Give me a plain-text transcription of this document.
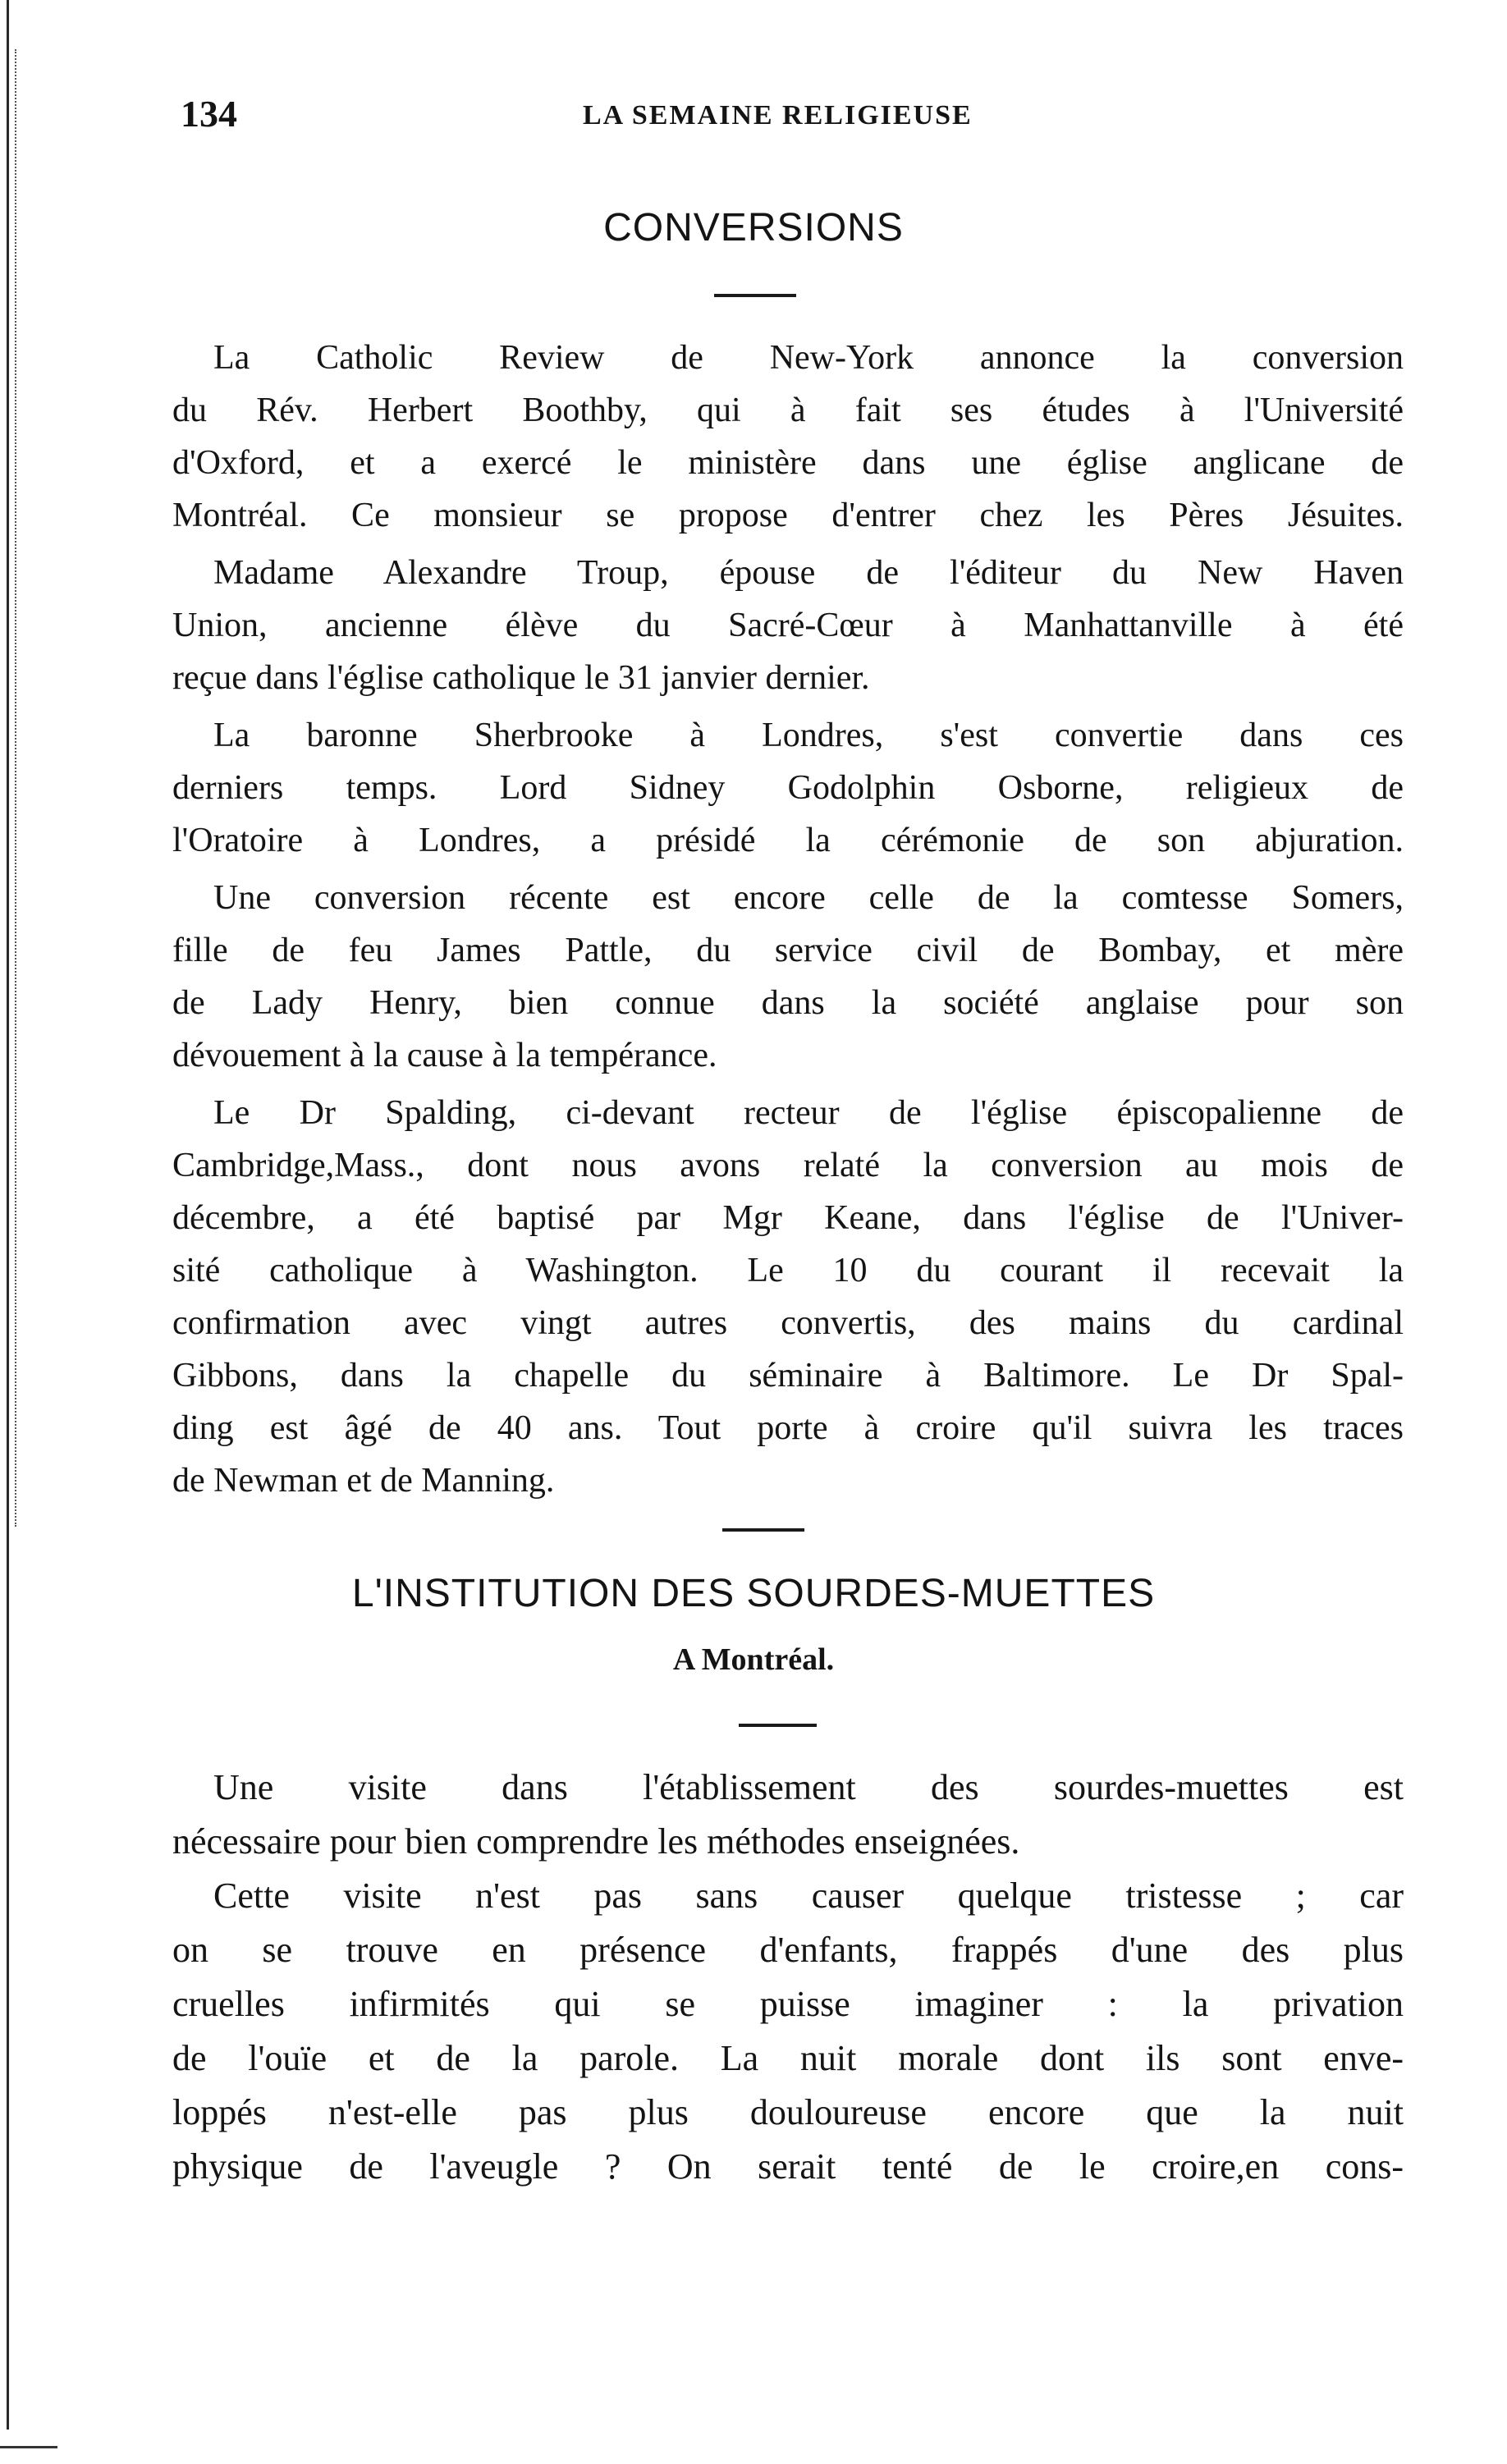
134	LA SEMAINE RELIGIEUSE
CONVERSIONS
La Catholic Review de New-York annonce la conversion
du Rév. Herbert Boothby, qui à fait ses études à l'Université
d'Oxford, et a exercé le ministère dans une église anglicane de
Montréal. Ce monsieur se propose d'entrer chez les Pères Jésuites.
Madame Alexandre Troup, épouse de l'éditeur du New Haven
Union, ancienne élève du Sacré-Cœur à Manhattanville à été
reçue dans l'église catholique le 31 janvier dernier.
La baronne Sherbrooke à Londres, s'est convertie dans ces
derniers temps. Lord Sidney Godolphin Osborne, religieux de
l'Oratoire à Londres, a présidé la cérémonie de son abjuration.
Une conversion récente est encore celle de la comtesse Somers,
fille de feu James Pattle, du service civil de Bombay, et mère
de Lady Henry, bien connue dans la société anglaise pour son
dévouement à la cause à la tempérance.
Le Dr Spalding, ci-devant recteur de l'église épiscopalienne de
Cambridge,Mass., dont nous avons relaté la conversion au mois de
décembre, a été baptisé par Mgr Keane, dans l'église de l'Univer-
sité catholique à Washington. Le 10 du courant il recevait la
confirmation avec vingt autres convertis, des mains du cardinal
Gibbons, dans la chapelle du séminaire à Baltimore. Le Dr Spal-
ding est âgé de 40 ans. Tout porte à croire qu'il suivra les traces
de Newman et de Manning.
L'INSTITUTION DES SOURDES-MUETTES
A Montréal.
Une visite dans l'établissement des sourdes-muettes est
nécessaire pour bien comprendre les méthodes enseignées.
Cette visite n'est pas sans causer quelque tristesse ; car
on se trouve en présence d'enfants, frappés d'une des plus
cruelles infirmités qui se puisse imaginer : la privation
de l'ouïe et de la parole. La nuit morale dont ils sont enve-
loppés n'est-elle pas plus douloureuse encore que la nuit
physique de l'aveugle ? On serait tenté de le croire,en cons-
